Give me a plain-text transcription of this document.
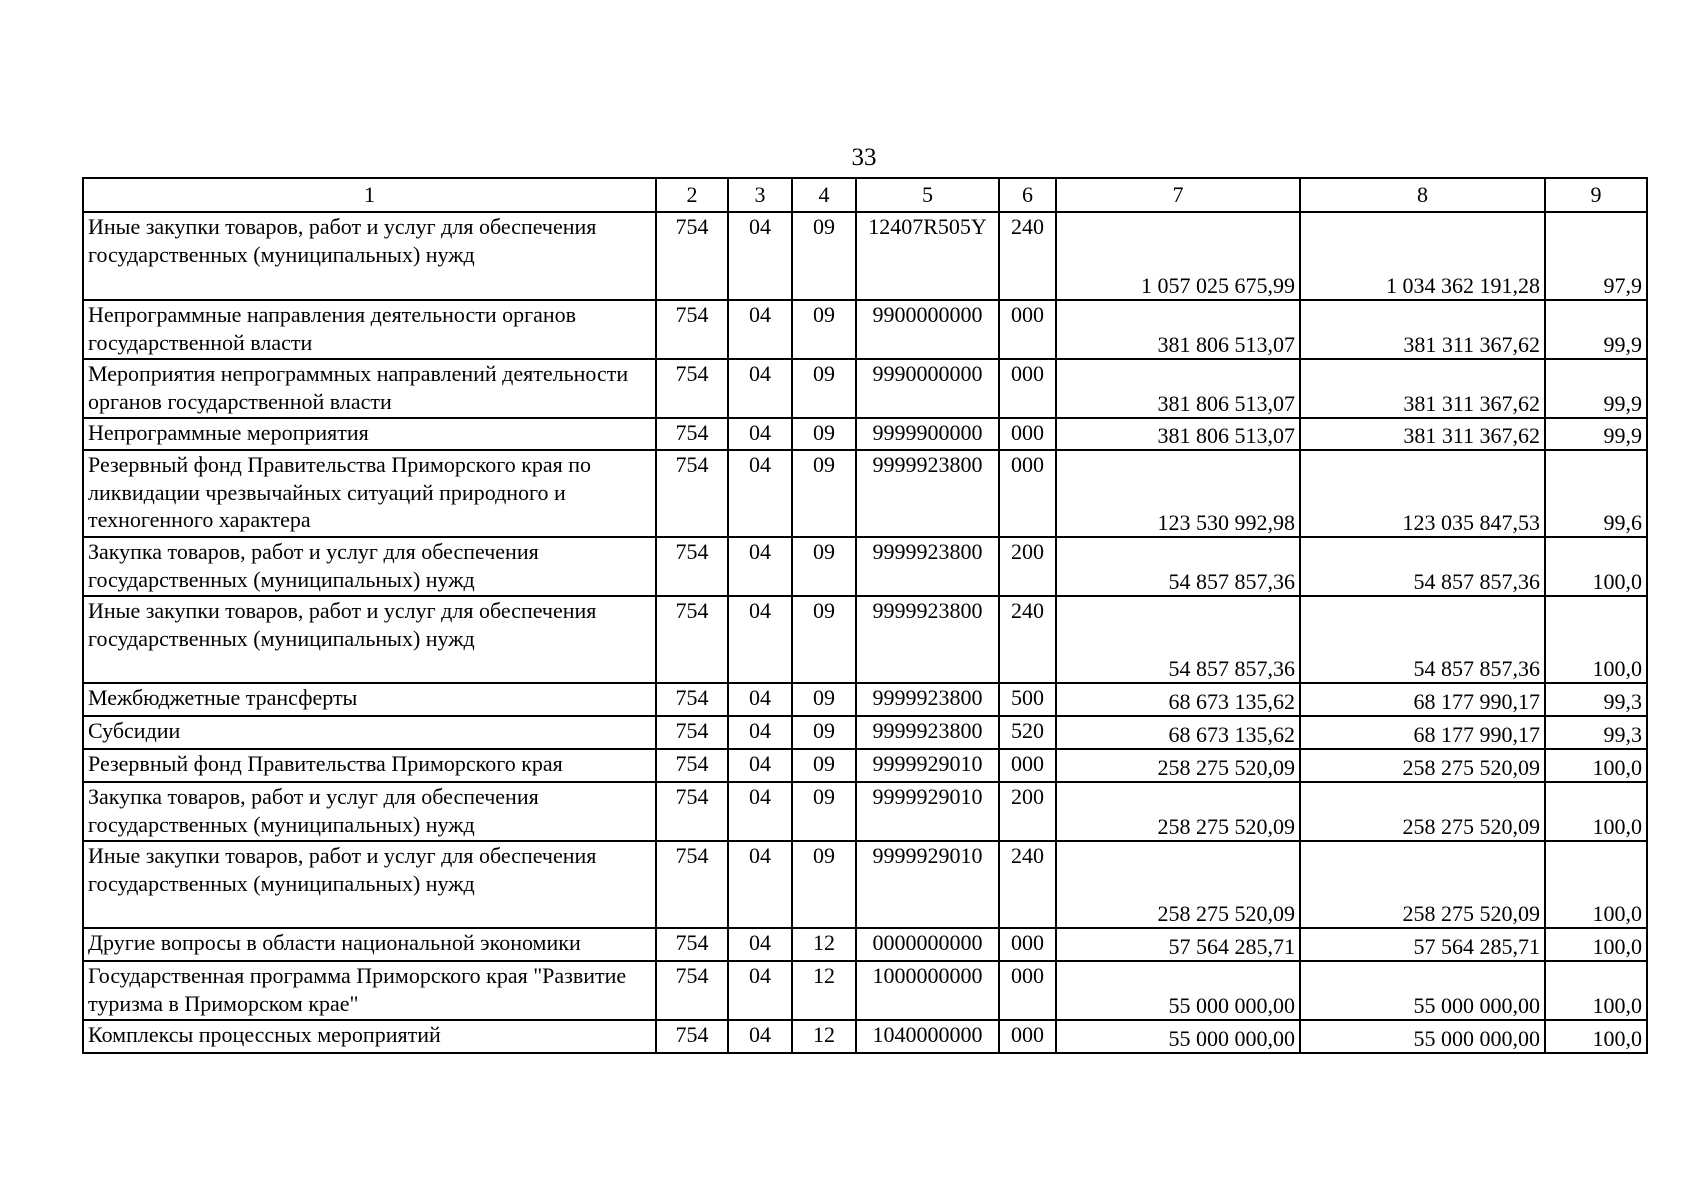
33
1	2	3	4	5	6	7	8	9
Иные закупки товаров, работ и услуг для обеспечения государственных (муниципальных) нужд	754	04	09	12407R505Y	240	1 057 025 675,99	1 034 362 191,28	97,9
Непрограммные направления деятельности органов государственной власти	754	04	09	9900000000	000	381 806 513,07	381 311 367,62	99,9
Мероприятия непрограммных направлений деятельности органов государственной власти	754	04	09	9990000000	000	381 806 513,07	381 311 367,62	99,9
Непрограммные мероприятия	754	04	09	9999900000	000	381 806 513,07	381 311 367,62	99,9
Резервный фонд Правительства Приморского края по ликвидации чрезвычайных ситуаций природного и техногенного характера	754	04	09	9999923800	000	123 530 992,98	123 035 847,53	99,6
Закупка товаров, работ и услуг для обеспечения государственных (муниципальных) нужд	754	04	09	9999923800	200	54 857 857,36	54 857 857,36	100,0
Иные закупки товаров, работ и услуг для обеспечения государственных (муниципальных) нужд	754	04	09	9999923800	240	54 857 857,36	54 857 857,36	100,0
Межбюджетные трансферты	754	04	09	9999923800	500	68 673 135,62	68 177 990,17	99,3
Субсидии	754	04	09	9999923800	520	68 673 135,62	68 177 990,17	99,3
Резервный фонд Правительства Приморского края	754	04	09	9999929010	000	258 275 520,09	258 275 520,09	100,0
Закупка товаров, работ и услуг для обеспечения государственных (муниципальных) нужд	754	04	09	9999929010	200	258 275 520,09	258 275 520,09	100,0
Иные закупки товаров, работ и услуг для обеспечения государственных (муниципальных) нужд	754	04	09	9999929010	240	258 275 520,09	258 275 520,09	100,0
Другие вопросы в области национальной экономики	754	04	12	0000000000	000	57 564 285,71	57 564 285,71	100,0
Государственная программа Приморского края "Развитие туризма в Приморском крае"	754	04	12	1000000000	000	55 000 000,00	55 000 000,00	100,0
Комплексы процессных мероприятий	754	04	12	1040000000	000	55 000 000,00	55 000 000,00	100,0
